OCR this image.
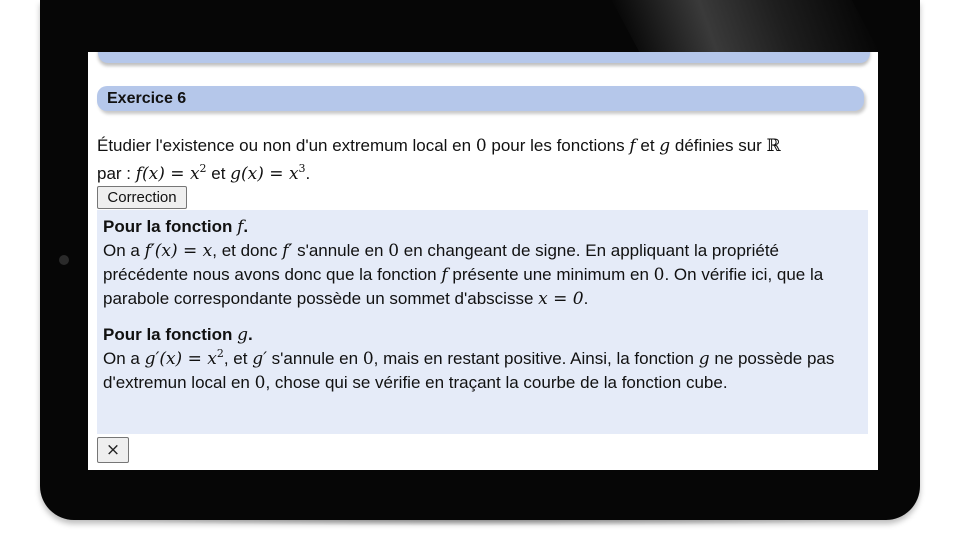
Exercice 6
Étudier l'existence ou non d'un extremum local en 0 pour les fonctions f et g définies sur ℝ
par : $f(x) = x^2$ et $g(x) = x^3$.
Correction

Pour la fonction f.

On a f′(x) = x, et donc f′ s'annule en 0 en changeant de signe. En appliquant la propriété précédente nous avons donc que la fonction f présente une minimum en 0. On vérifie ici, que la parabole correspondante possède un sommet d'abscisse x = 0.

Pour la fonction g.

On a $g'(x) = x^2$, et g′ s'annule en 0, mais en restant positive. Ainsi, la fonction g ne possède pas d'extremun local en 0, chose qui se vérifie en traçant la courbe de la fonction cube.

×
